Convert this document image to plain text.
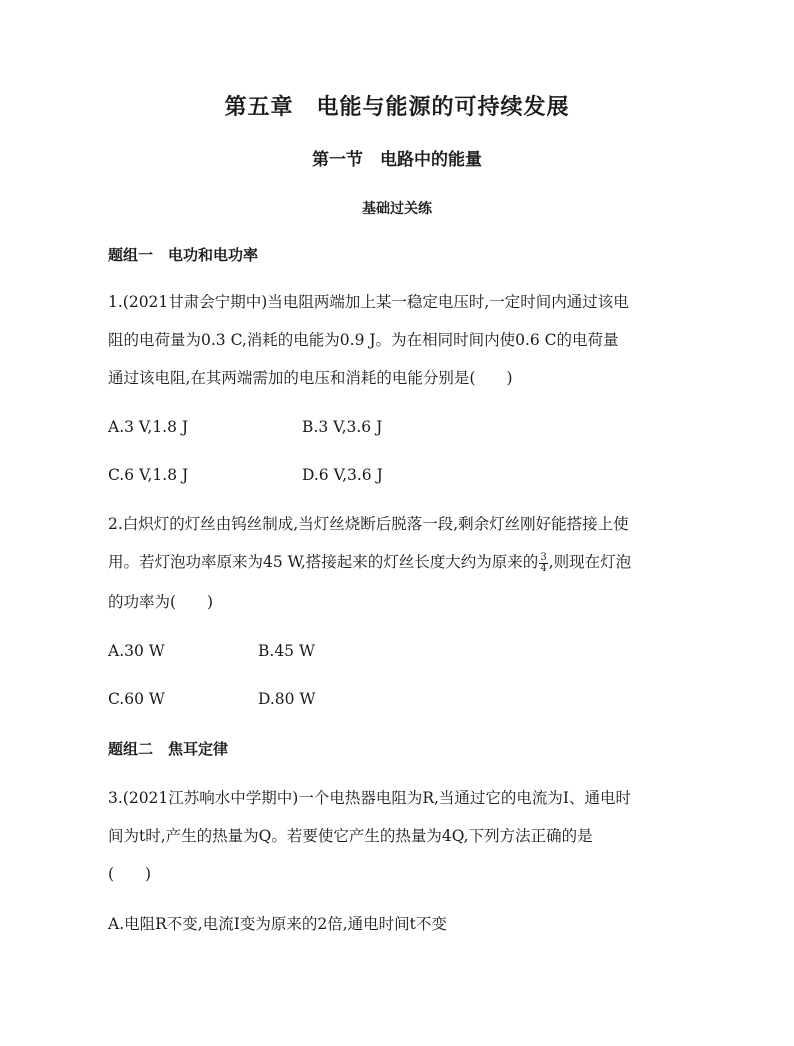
第五章　电能与能源的可持续发展
第一节　电路中的能量
基础过关练
题组一　电功和电功率
1.(2021甘肃会宁期中)当电阻两端加上某一稳定电压时,一定时间内通过该电
阻的电荷量为0.3 C,消耗的电能为0.9 J。为在相同时间内使0.6 C的电荷量
通过该电阻,在其两端需加的电压和消耗的电能分别是(　　)
A.3 V,1.8 J	B.3 V,3.6 J
C.6 V,1.8 J	D.6 V,3.6 J
2.白炽灯的灯丝由钨丝制成,当灯丝烧断后脱落一段,剩余灯丝刚好能搭接上使
用。若灯泡功率原来为45 W,搭接起来的灯丝长度大约为原来的 $\frac{3}{4}$ ,则现在灯泡
的功率为(　　)
A.30 W	B.45 W
C.60 W	D.80 W
题组二　焦耳定律
3.(2021江苏响水中学期中)一个电热器电阻为R,当通过它的电流为I、通电时
间为t时,产生的热量为Q。若要使它产生的热量为4Q,下列方法正确的是
(　　)
A.电阻R不变,电流I变为原来的2倍,通电时间t不变
